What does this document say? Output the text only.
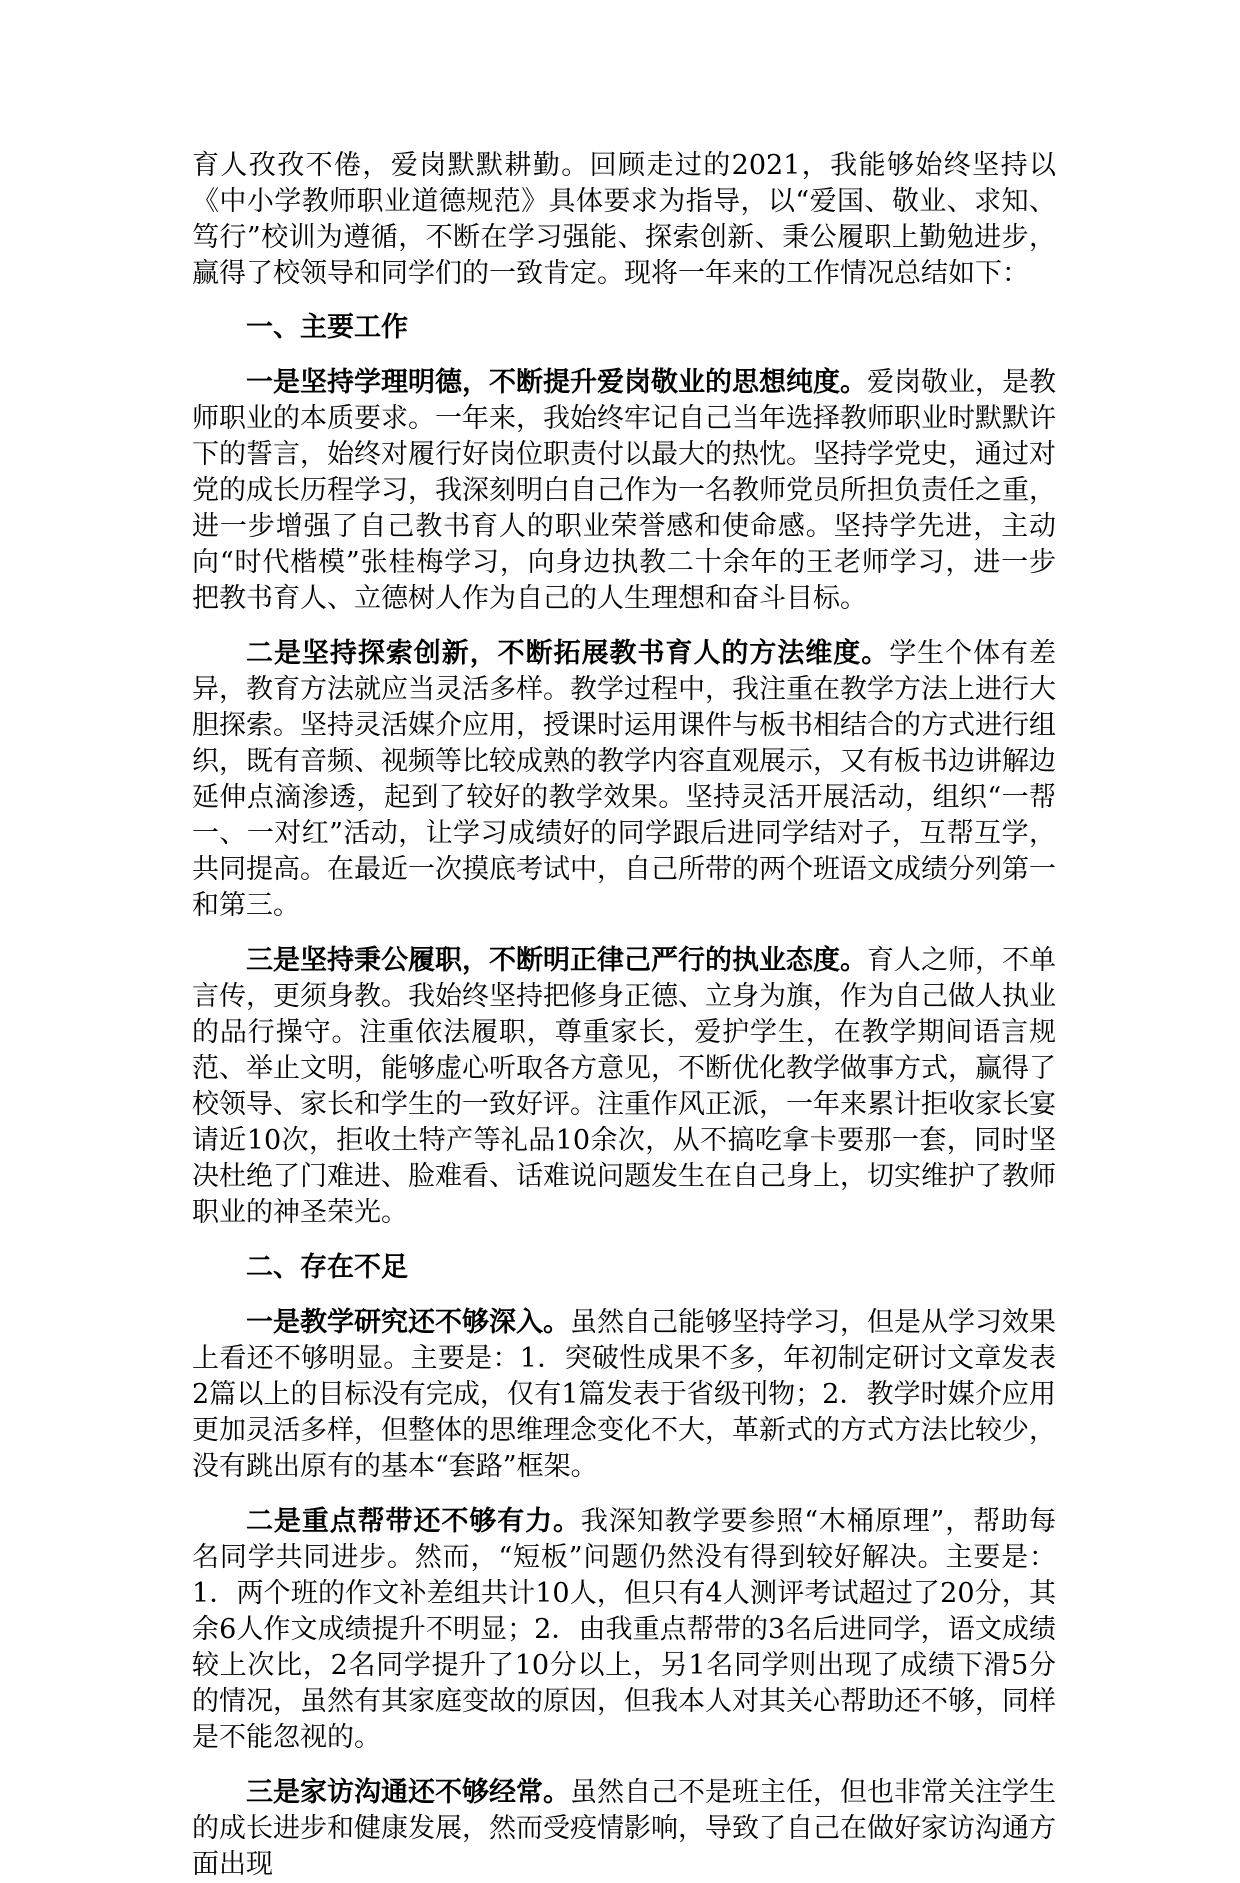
育人孜孜不倦，爱岗默默耕勤。回顾走过的2021，我能够始终坚持以《中小学教师职业道德规范》具体要求为指导，以“爱国、敬业、求知、笃行”校训为遵循，不断在学习强能、探索创新、秉公履职上勤勉进步，赢得了校领导和同学们的一致肯定。现将一年来的工作情况总结如下：

一、主要工作

一是坚持学理明德，不断提升爱岗敬业的思想纯度。爱岗敬业，是教师职业的本质要求。一年来，我始终牢记自己当年选择教师职业时默默许下的誓言，始终对履行好岗位职责付以最大的热忱。坚持学党史，通过对党的成长历程学习，我深刻明白自己作为一名教师党员所担负责任之重，进一步增强了自己教书育人的职业荣誉感和使命感。坚持学先进，主动向“时代楷模”张桂梅学习，向身边执教二十余年的王老师学习，进一步把教书育人、立德树人作为自己的人生理想和奋斗目标。

二是坚持探索创新，不断拓展教书育人的方法维度。学生个体有差异，教育方法就应当灵活多样。教学过程中，我注重在教学方法上进行大胆探索。坚持灵活媒介应用，授课时运用课件与板书相结合的方式进行组织，既有音频、视频等比较成熟的教学内容直观展示，又有板书边讲解边延伸点滴渗透，起到了较好的教学效果。坚持灵活开展活动，组织“一帮一、一对红”活动，让学习成绩好的同学跟后进同学结对子，互帮互学，共同提高。在最近一次摸底考试中，自己所带的两个班语文成绩分列第一和第三。

三是坚持秉公履职，不断明正律己严行的执业态度。育人之师，不单言传，更须身教。我始终坚持把修身正德、立身为旗，作为自己做人执业的品行操守。注重依法履职，尊重家长，爱护学生，在教学期间语言规范、举止文明，能够虚心听取各方意见，不断优化教学做事方式，赢得了校领导、家长和学生的一致好评。注重作风正派，一年来累计拒收家长宴请近10次，拒收土特产等礼品10余次，从不搞吃拿卡要那一套，同时坚决杜绝了门难进、脸难看、话难说问题发生在自己身上，切实维护了教师职业的神圣荣光。

二、存在不足

一是教学研究还不够深入。虽然自己能够坚持学习，但是从学习效果上看还不够明显。主要是：1．突破性成果不多，年初制定研讨文章发表2篇以上的目标没有完成，仅有1篇发表于省级刊物；2．教学时媒介应用更加灵活多样，但整体的思维理念变化不大，革新式的方式方法比较少，没有跳出原有的基本“套路”框架。

二是重点帮带还不够有力。我深知教学要参照“木桶原理”，帮助每名同学共同进步。然而，“短板”问题仍然没有得到较好解决。主要是：1．两个班的作文补差组共计10人，但只有4人测评考试超过了20分，其余6人作文成绩提升不明显；2．由我重点帮带的3名后进同学，语文成绩较上次比，2名同学提升了10分以上，另1名同学则出现了成绩下滑5分的情况，虽然有其家庭变故的原因，但我本人对其关心帮助还不够，同样是不能忽视的。

三是家访沟通还不够经常。虽然自己不是班主任，但也非常关注学生的成长进步和健康发展，然而受疫情影响，导致了自己在做好家访沟通方面出现
